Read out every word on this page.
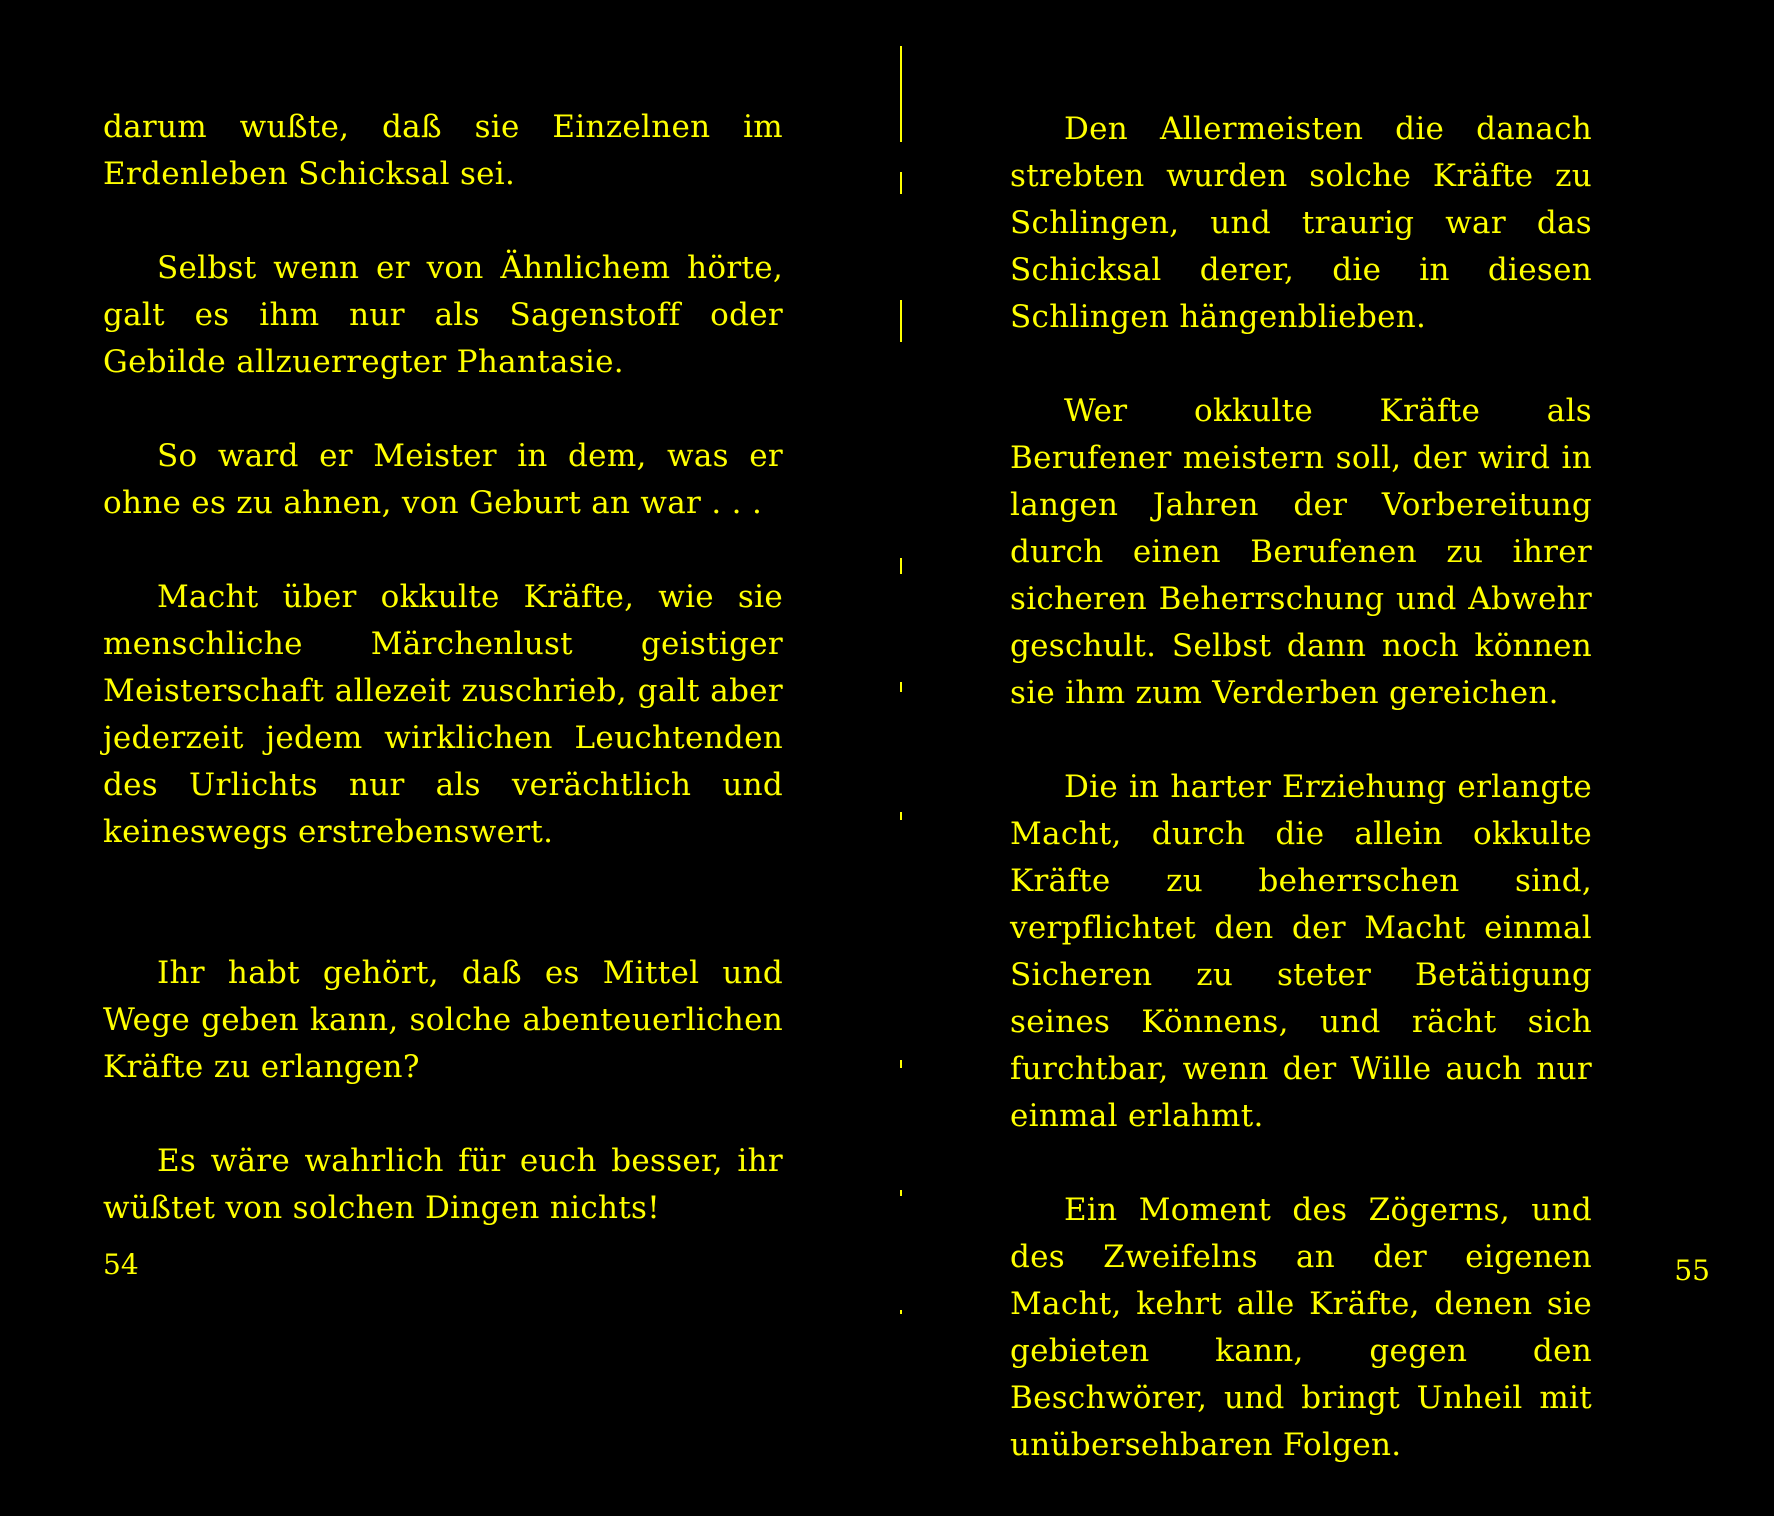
darum wußte, daß sie Einzelnen im Erdenleben Schicksal sei.

Selbst wenn er von Ähnlichem hörte, galt es ihm nur als Sagenstoff oder Gebilde allzuerregter Phantasie.

So ward er Meister in dem, was er ohne es zu ahnen, von Geburt an war . . .

Macht über okkulte Kräfte, wie sie menschliche Märchenlust geistiger Meisterschaft allezeit zuschrieb, galt aber jederzeit jedem wirklichen Leuchtenden des Urlichts nur als verächtlich und keineswegs erstrebenswert.

Ihr habt gehört, daß es Mittel und Wege geben kann, solche abenteuerlichen Kräfte zu erlangen?

Es wäre wahrlich für euch besser, ihr wüßtet von solchen Dingen nichts!

54

Den Allermeisten die danach strebten wurden solche Kräfte zu Schlingen, und traurig war das Schicksal derer, die in diesen Schlingen hängenblieben.

Wer okkulte Kräfte als Berufener meistern soll, der wird in langen Jahren der Vorbereitung durch einen Berufenen zu ihrer sicheren Beherrschung und Abwehr geschult. Selbst dann noch können sie ihm zum Verderben gereichen.

Die in harter Erziehung erlangte Macht, durch die allein okkulte Kräfte zu beherrschen sind, verpflichtet den der Macht einmal Sicheren zu steter Betätigung seines Könnens, und rächt sich furchtbar, wenn der Wille auch nur einmal erlahmt.

Ein Moment des Zögerns, und des Zweifelns an der eigenen Macht, kehrt alle Kräfte, denen sie gebieten kann, gegen den Beschwörer, und bringt Unheil mit unübersehbaren Folgen.

55
